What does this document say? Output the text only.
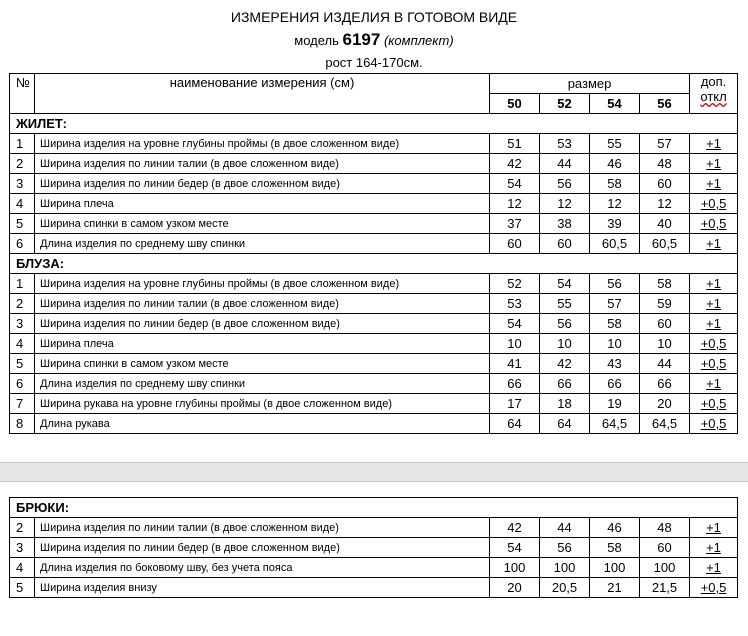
ИЗМЕРЕНИЯ ИЗДЕЛИЯ В ГОТОВОМ ВИДЕ
модель 6197 (комплект)
рост 164-170см.
№	наименование измерения (см)	размер				доп.
откл
		50	52	54	56	
ЖИЛЕТ:						
1	Ширина изделия на уровне глубины проймы (в двое сложенном виде)	51	53	55	57	+1
2	Ширина изделия по линии талии (в двое сложенном виде)	42	44	46	48	+1
3	Ширина изделия по линии бедер (в двое сложенном виде)	54	56	58	60	+1
4	Ширина плеча	12	12	12	12	+0,5
5	Ширина спинки в самом узком месте	37	38	39	40	+0,5
6	Длина изделия по среднему шву спинки	60	60	60,5	60,5	+1
БЛУЗА:						
1	Ширина изделия на уровне глубины проймы (в двое сложенном виде)	52	54	56	58	+1
2	Ширина изделия по линии талии (в двое сложенном виде)	53	55	57	59	+1
3	Ширина изделия по линии бедер (в двое сложенном виде)	54	56	58	60	+1
4	Ширина плеча	10	10	10	10	+0,5
5	Ширина спинки в самом узком месте	41	42	43	44	+0,5
6	Длина изделия по среднему шву спинки	66	66	66	66	+1
7	Ширина рукава на уровне глубины проймы (в двое сложенном виде)	17	18	19	20	+0,5
8	Длина рукава	64	64	64,5	64,5	+0,5
БРЮКИ:						
2	Ширина изделия по линии талии (в двое сложенном виде)	42	44	46	48	+1
3	Ширина изделия по линии бедер (в двое сложенном виде)	54	56	58	60	+1
4	Длина изделия по боковому шву, без учета пояса	100	100	100	100	+1
5	Ширина изделия внизу	20	20,5	21	21,5	+0,5
